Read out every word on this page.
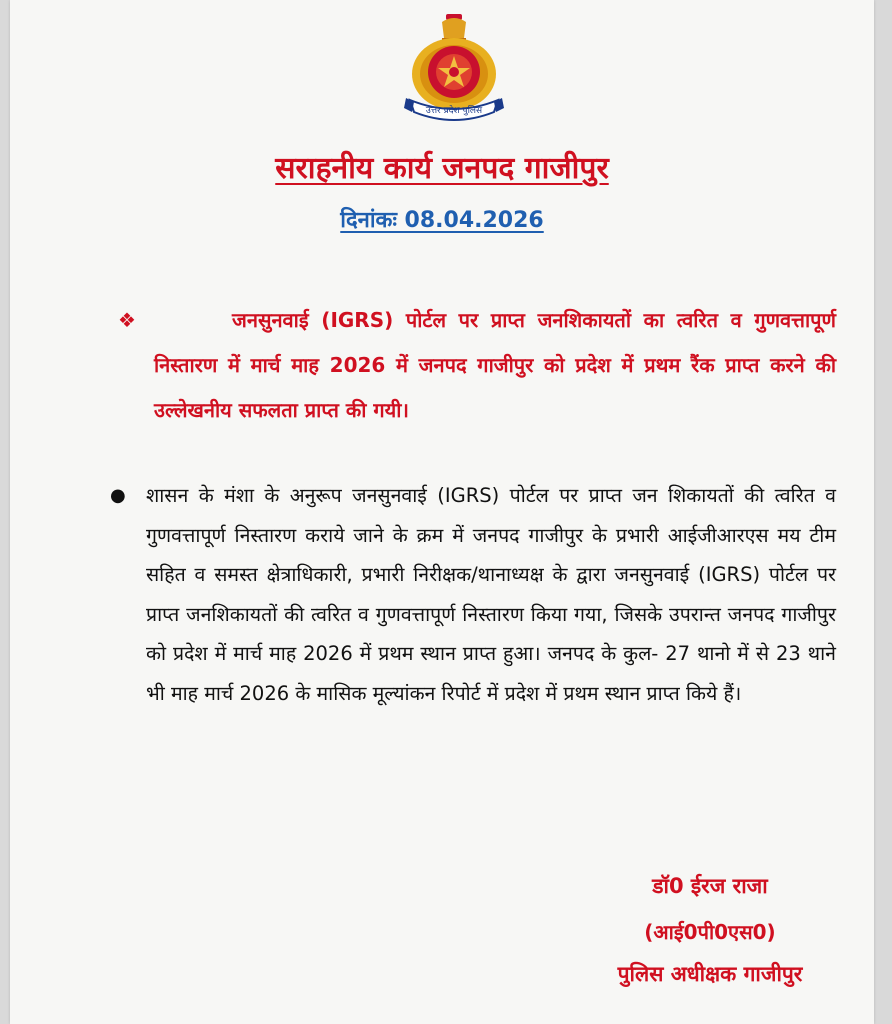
उत्तर प्रदेश पुलिस
सराहनीय कार्य जनपद गाजीपुर
दिनांकः 08.04.2026
❖	जनसुनवाई (IGRS) पोर्टल पर प्राप्त जनशिकायतों का त्वरित व गुणवत्तापूर्ण निस्तारण में मार्च माह 2026 में जनपद गाजीपुर को प्रदेश में प्रथम रैंक प्राप्त करने की उल्लेखनीय सफलता प्राप्त की गयी।

●	शासन के मंशा के अनुरूप जनसुनवाई (IGRS) पोर्टल पर प्राप्त जन शिकायतों की त्वरित व गुणवत्तापूर्ण निस्तारण कराये जाने के क्रम में जनपद गाजीपुर के प्रभारी आईजीआरएस मय टीम सहित व समस्त क्षेत्राधिकारी, प्रभारी निरीक्षक/थानाध्यक्ष के द्वारा जनसुनवाई (IGRS) पोर्टल पर प्राप्त जनशिकायतों की त्वरित व गुणवत्तापूर्ण निस्तारण किया गया, जिसके उपरान्त जनपद गाजीपुर को प्रदेश में मार्च माह 2026 में प्रथम स्थान प्राप्त हुआ। जनपद के कुल- 27 थानो में से 23 थाने भी माह मार्च 2026 के मासिक मूल्यांकन रिपोर्ट में प्रदेश में प्रथम स्थान प्राप्त किये हैं।

डॉ0 ईरज राजा
(आई0पी0एस0)
पुलिस अधीक्षक गाजीपुर
